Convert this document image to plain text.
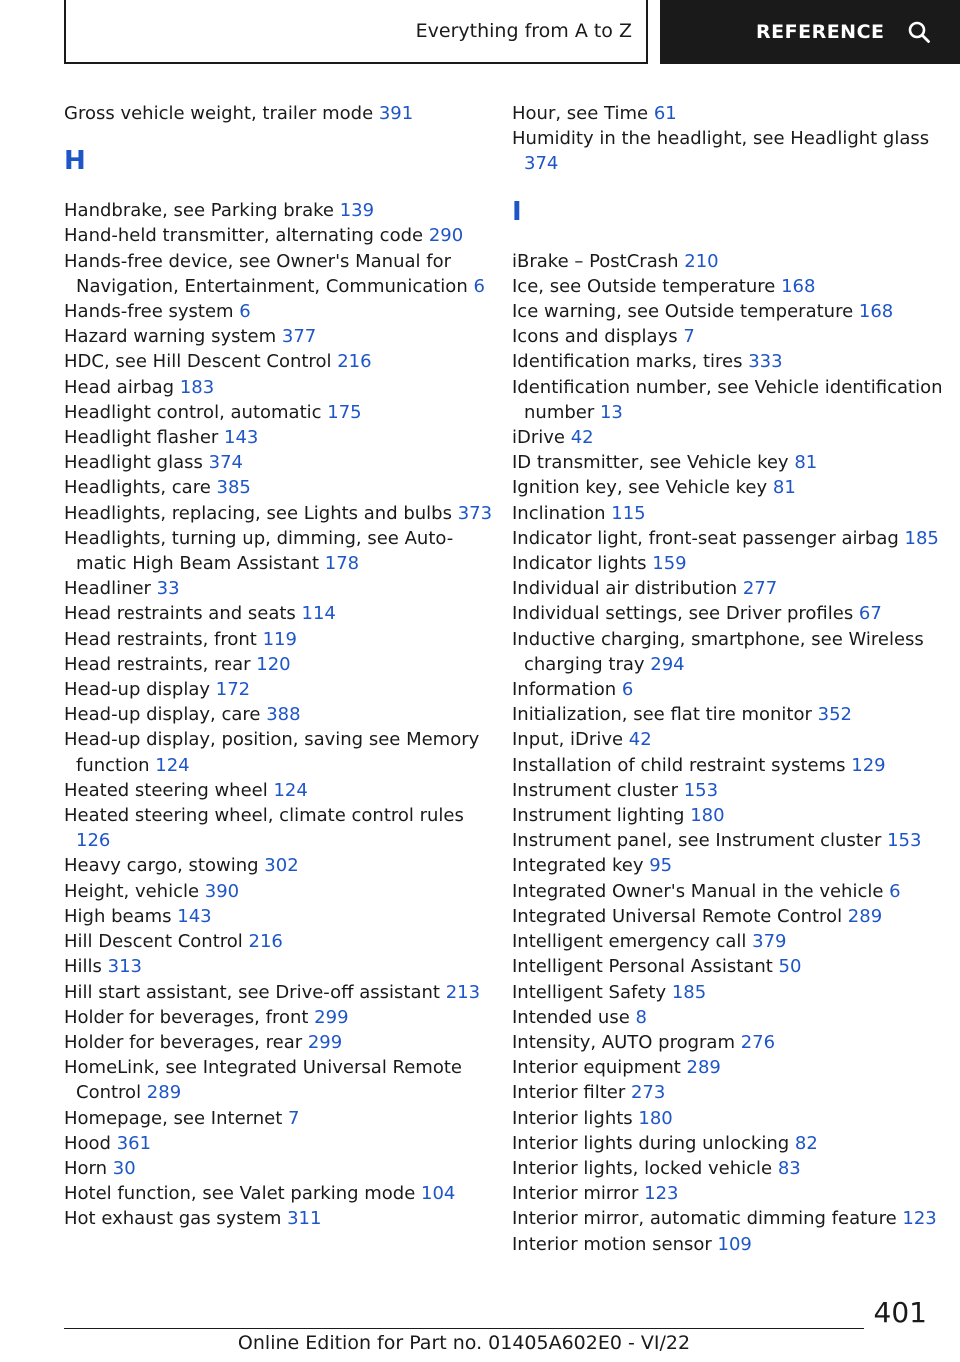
Everything from A to Z	REFERENCE
Gross vehicle weight, trailer mode 391
H
Handbrake, see Parking brake 139
Hand-held transmitter, alternating code 290
Hands-free device, see Owner's Manual for Navigation, Entertainment, Communication 6
Hands-free system 6
Hazard warning system 377
HDC, see Hill Descent Control 216
Head airbag 183
Headlight control, automatic 175
Headlight flasher 143
Headlight glass 374
Headlights, care 385
Headlights, replacing, see Lights and bulbs 373
Headlights, turning up, dimming, see Auto-matic High Beam Assistant 178
Headliner 33
Head restraints and seats 114
Head restraints, front 119
Head restraints, rear 120
Head-up display 172
Head-up display, care 388
Head-up display, position, saving see Memory function 124
Heated steering wheel 124
Heated steering wheel, climate control rules 126
Heavy cargo, stowing 302
Height, vehicle 390
High beams 143
Hill Descent Control 216
Hills 313
Hill start assistant, see Drive-off assistant 213
Holder for beverages, front 299
Holder for beverages, rear 299
HomeLink, see Integrated Universal Remote Control 289
Homepage, see Internet 7
Hood 361
Horn 30
Hotel function, see Valet parking mode 104
Hot exhaust gas system 311
Hour, see Time 61
Humidity in the headlight, see Headlight glass 374
I
iBrake – PostCrash 210
Ice, see Outside temperature 168
Ice warning, see Outside temperature 168
Icons and displays 7
Identification marks, tires 333
Identification number, see Vehicle identification number 13
iDrive 42
ID transmitter, see Vehicle key 81
Ignition key, see Vehicle key 81
Inclination 115
Indicator light, front-seat passenger airbag 185
Indicator lights 159
Individual air distribution 277
Individual settings, see Driver profiles 67
Inductive charging, smartphone, see Wireless charging tray 294
Information 6
Initialization, see flat tire monitor 352
Input, iDrive 42
Installation of child restraint systems 129
Instrument cluster 153
Instrument lighting 180
Instrument panel, see Instrument cluster 153
Integrated key 95
Integrated Owner's Manual in the vehicle 6
Integrated Universal Remote Control 289
Intelligent emergency call 379
Intelligent Personal Assistant 50
Intelligent Safety 185
Intended use 8
Intensity, AUTO program 276
Interior equipment 289
Interior filter 273
Interior lights 180
Interior lights during unlocking 82
Interior lights, locked vehicle 83
Interior mirror 123
Interior mirror, automatic dimming feature 123
Interior motion sensor 109
401
Online Edition for Part no. 01405A602E0 - VI/22
